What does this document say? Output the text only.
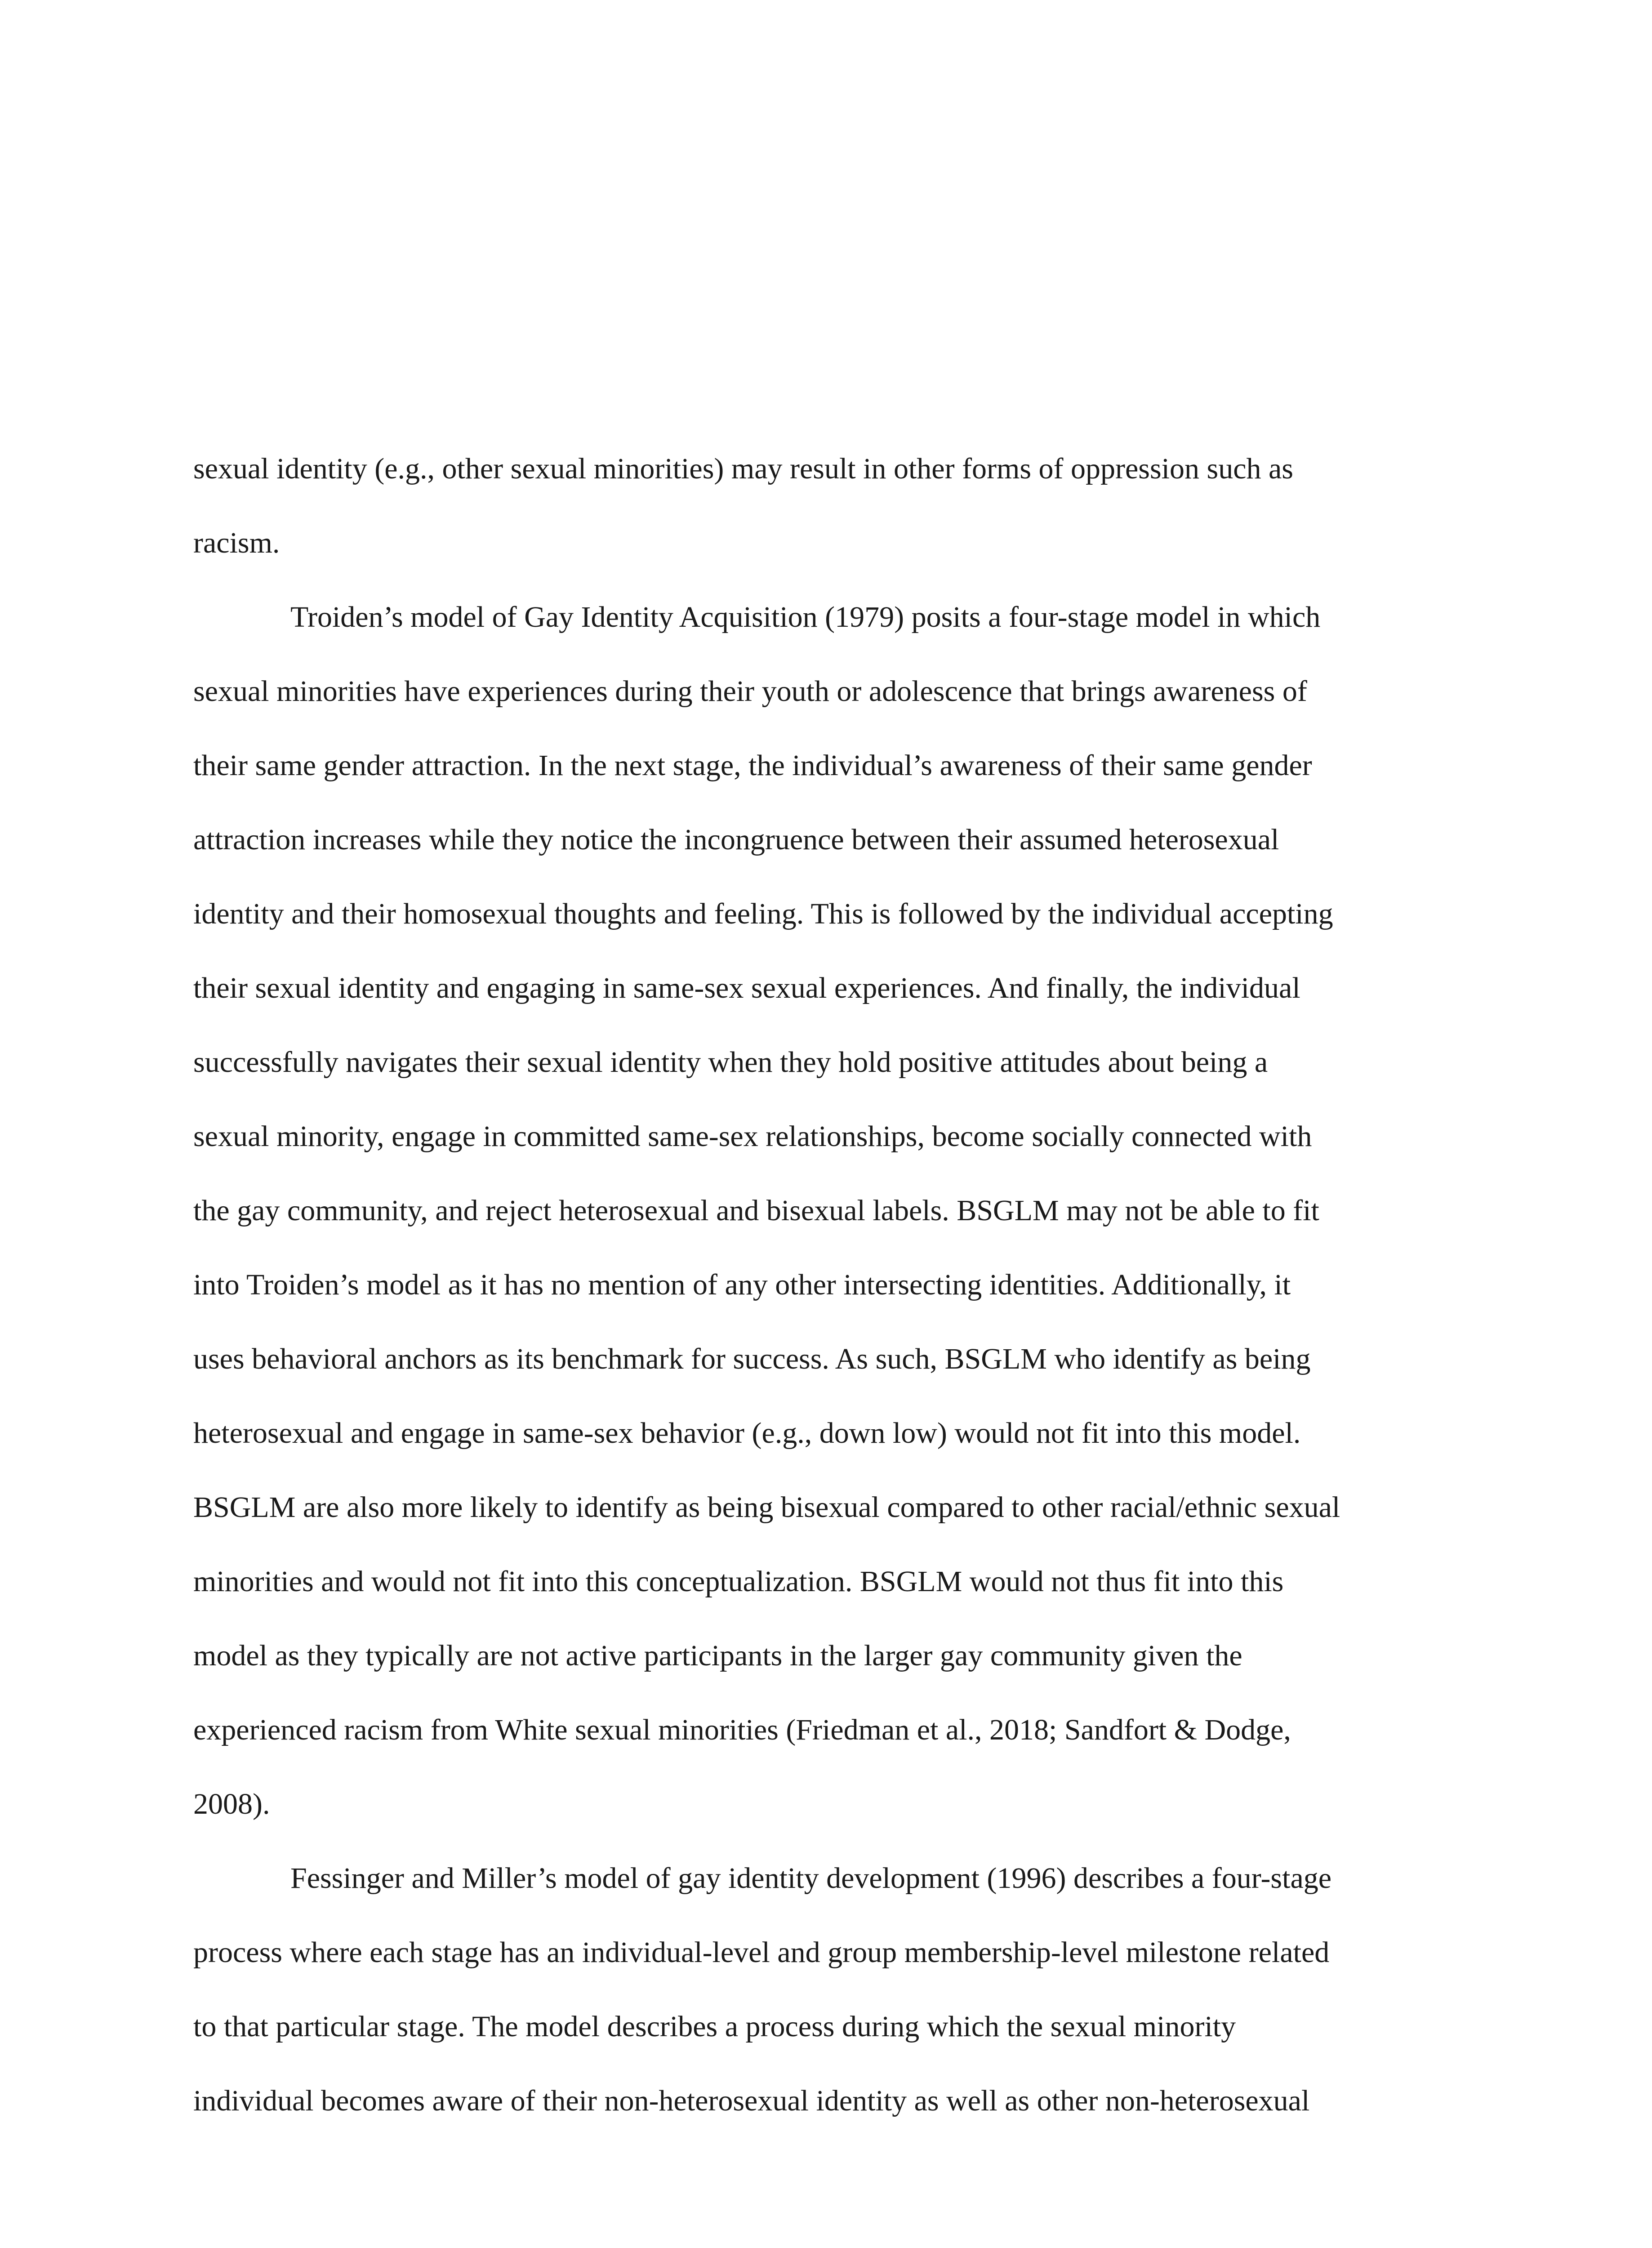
sexual identity (e.g., other sexual minorities) may result in other forms of oppression such as
racism.

Troiden’s model of Gay Identity Acquisition (1979) posits a four-stage model in which
sexual minorities have experiences during their youth or adolescence that brings awareness of
their same gender attraction. In the next stage, the individual’s awareness of their same gender
attraction increases while they notice the incongruence between their assumed heterosexual
identity and their homosexual thoughts and feeling. This is followed by the individual accepting
their sexual identity and engaging in same-sex sexual experiences. And finally, the individual
successfully navigates their sexual identity when they hold positive attitudes about being a
sexual minority, engage in committed same-sex relationships, become socially connected with
the gay community, and reject heterosexual and bisexual labels. BSGLM may not be able to fit
into Troiden’s model as it has no mention of any other intersecting identities. Additionally, it
uses behavioral anchors as its benchmark for success. As such, BSGLM who identify as being
heterosexual and engage in same-sex behavior (e.g., down low) would not fit into this model.
BSGLM are also more likely to identify as being bisexual compared to other racial/ethnic sexual
minorities and would not fit into this conceptualization. BSGLM would not thus fit into this
model as they typically are not active participants in the larger gay community given the
experienced racism from White sexual minorities (Friedman et al., 2018; Sandfort & Dodge,
2008).

Fessinger and Miller’s model of gay identity development (1996) describes a four-stage
process where each stage has an individual-level and group membership-level milestone related
to that particular stage. The model describes a process during which the sexual minority
individual becomes aware of their non-heterosexual identity as well as other non-heterosexual
